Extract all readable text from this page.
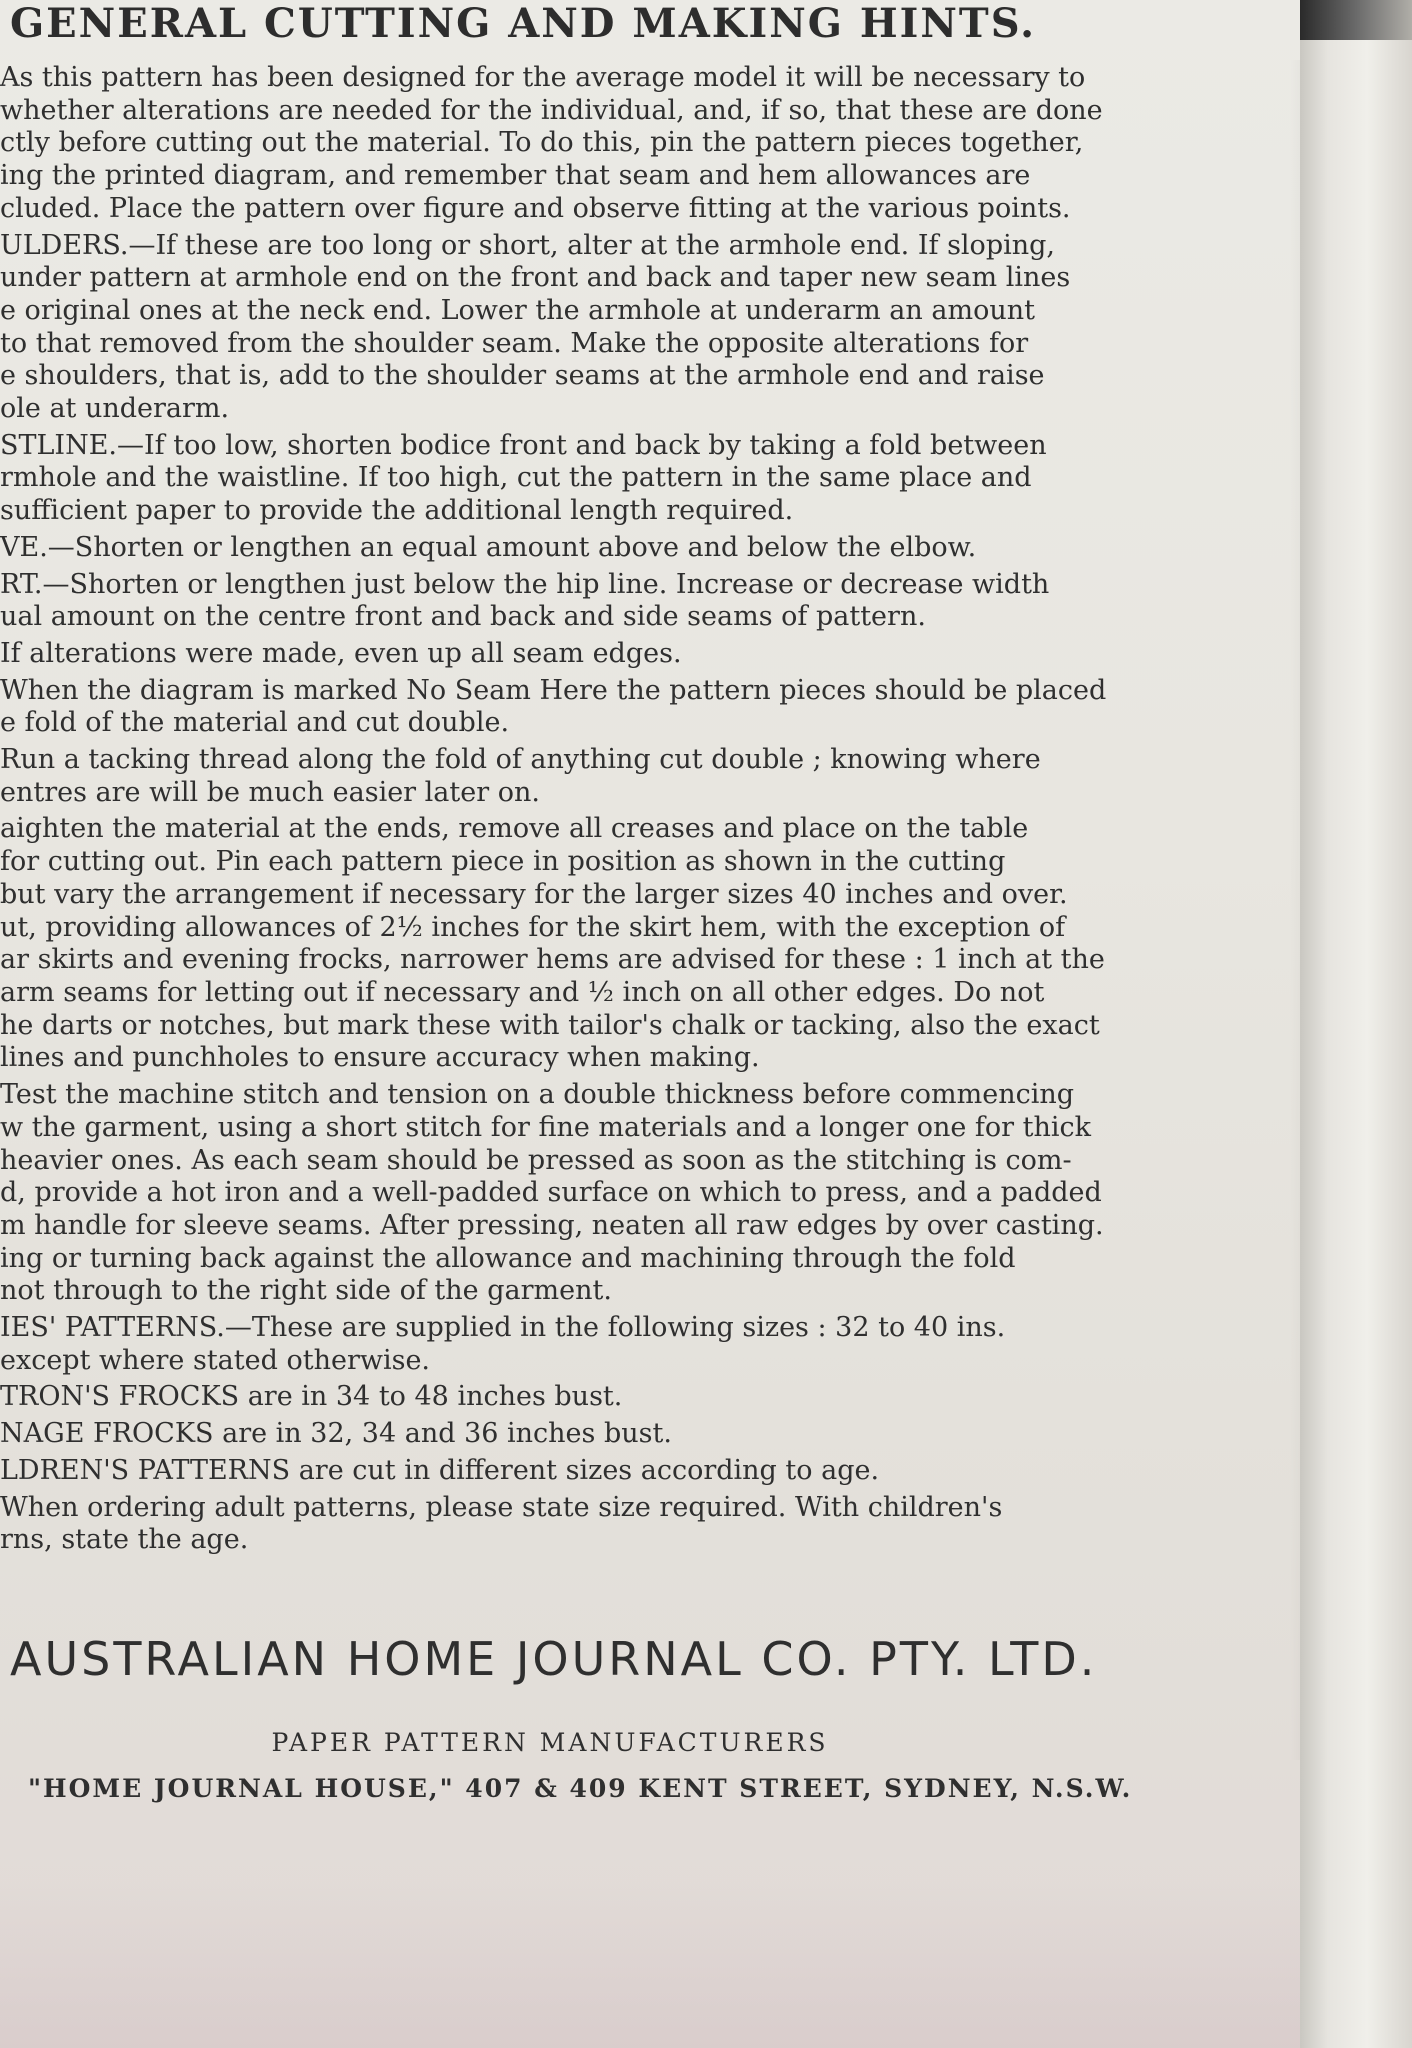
GENERAL CUTTING AND MAKING HINTS.

As this pattern has been designed for the average model it will be necessary to
whether alterations are needed for the individual, and, if so, that these are done
ctly before cutting out the material. To do this, pin the pattern pieces together,
ing the printed diagram, and remember that seam and hem allowances are
cluded. Place the pattern over figure and observe fitting at the various points.

ULDERS.—If these are too long or short, alter at the armhole end. If sloping,
under pattern at armhole end on the front and back and taper new seam lines
e original ones at the neck end. Lower the armhole at underarm an amount
to that removed from the shoulder seam. Make the opposite alterations for
e shoulders, that is, add to the shoulder seams at the armhole end and raise
ole at underarm.

STLINE.—If too low, shorten bodice front and back by taking a fold between
rmhole and the waistline. If too high, cut the pattern in the same place and
sufficient paper to provide the additional length required.

VE.—Shorten or lengthen an equal amount above and below the elbow.

RT.—Shorten or lengthen just below the hip line. Increase or decrease width
ual amount on the centre front and back and side seams of pattern.

If alterations were made, even up all seam edges.

When the diagram is marked No Seam Here the pattern pieces should be placed
e fold of the material and cut double.

Run a tacking thread along the fold of anything cut double ; knowing where
entres are will be much easier later on.

aighten the material at the ends, remove all creases and place on the table
for cutting out. Pin each pattern piece in position as shown in the cutting
but vary the arrangement if necessary for the larger sizes 40 inches and over.
ut, providing allowances of 2½ inches for the skirt hem, with the exception of
ar skirts and evening frocks, narrower hems are advised for these : 1 inch at the
arm seams for letting out if necessary and ½ inch on all other edges. Do not
he darts or notches, but mark these with tailor's chalk or tacking, also the exact
lines and punchholes to ensure accuracy when making.

Test the machine stitch and tension on a double thickness before commencing
w the garment, using a short stitch for fine materials and a longer one for thick
heavier ones. As each seam should be pressed as soon as the stitching is com-
d, provide a hot iron and a well-padded surface on which to press, and a padded
m handle for sleeve seams. After pressing, neaten all raw edges by over casting.
ing or turning back against the allowance and machining through the fold
not through to the right side of the garment.

IES' PATTERNS.—These are supplied in the following sizes : 32 to 40 ins.
except where stated otherwise.

TRON'S FROCKS are in 34 to 48 inches bust.

NAGE FROCKS are in 32, 34 and 36 inches bust.

LDREN'S PATTERNS are cut in different sizes according to age.

When ordering adult patterns, please state size required. With children's
rns, state the age.

AUSTRALIAN HOME JOURNAL CO. PTY. LTD.
PAPER PATTERN MANUFACTURERS
"HOME JOURNAL HOUSE," 407 & 409 KENT STREET, SYDNEY, N.S.W.
